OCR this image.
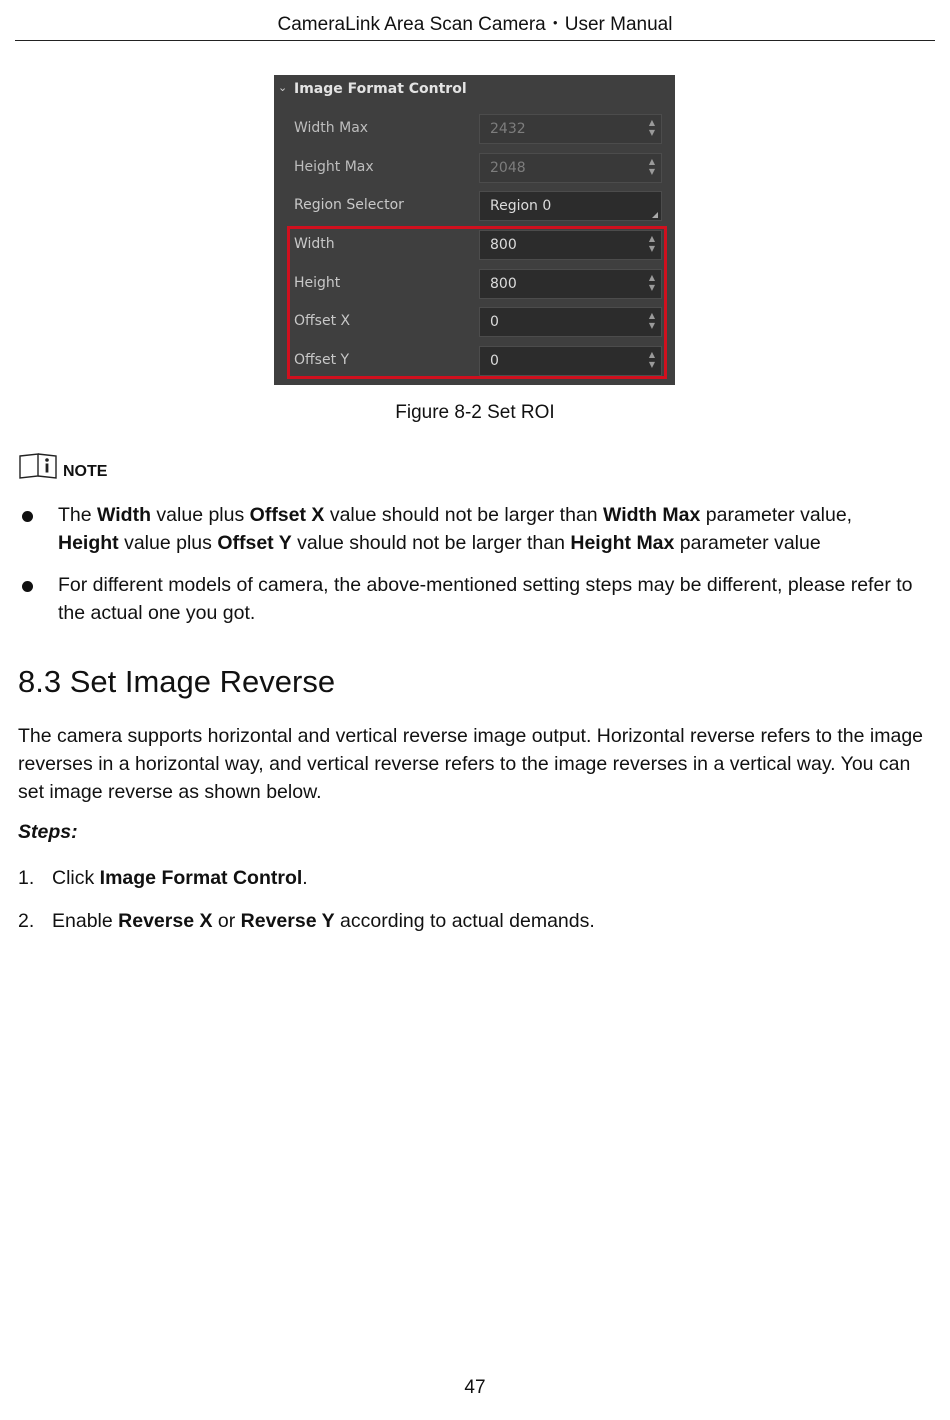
CameraLink Area Scan Camera・User Manual
⌄ Image Format Control
Width Max	2432	▲
▼
Height Max	2048	▲
▼
Region Selector	Region 0
Width	800	▲
▼
Height	800	▲
▼
Offset X	0	▲
▼
Offset Y	0	▲
▼
Figure 8-2 Set ROI
NOTE
The Width value plus Offset X value should not be larger than Width Max parameter value,
Height value plus Offset Y value should not be larger than Height Max parameter value
For different models of camera, the above-mentioned setting steps may be different, please refer to the actual one you got.
8.3 Set Image Reverse
The camera supports horizontal and vertical reverse image output. Horizontal reverse refers to the image reverses in a horizontal way, and vertical reverse refers to the image reverses in a vertical way. You can set image reverse as shown below.
Steps:
1. Click Image Format Control.
2. Enable Reverse X or Reverse Y according to actual demands.
47
